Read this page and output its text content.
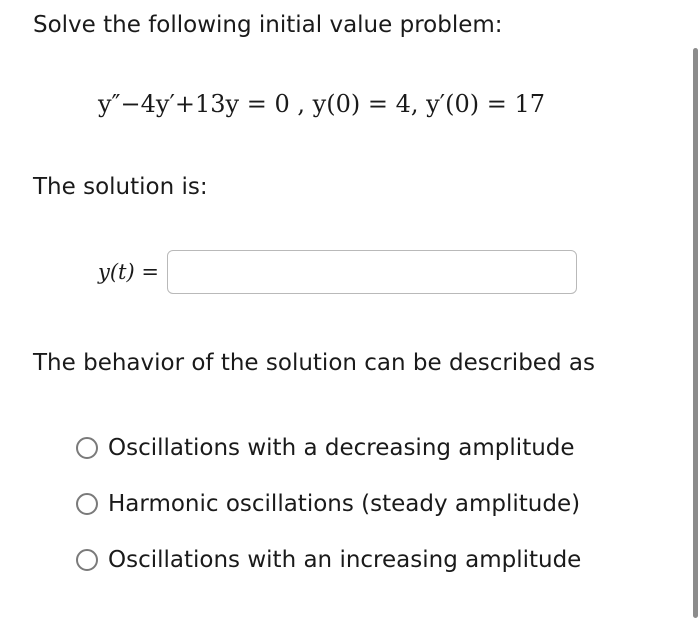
Solve the following initial value problem:
y″−4y′+13y = 0 , y(0) = 4, y′(0) = 17
The solution is:
y(t) =
The behavior of the solution can be described as
Oscillations with a decreasing amplitude
Harmonic oscillations (steady amplitude)
Oscillations with an increasing amplitude
